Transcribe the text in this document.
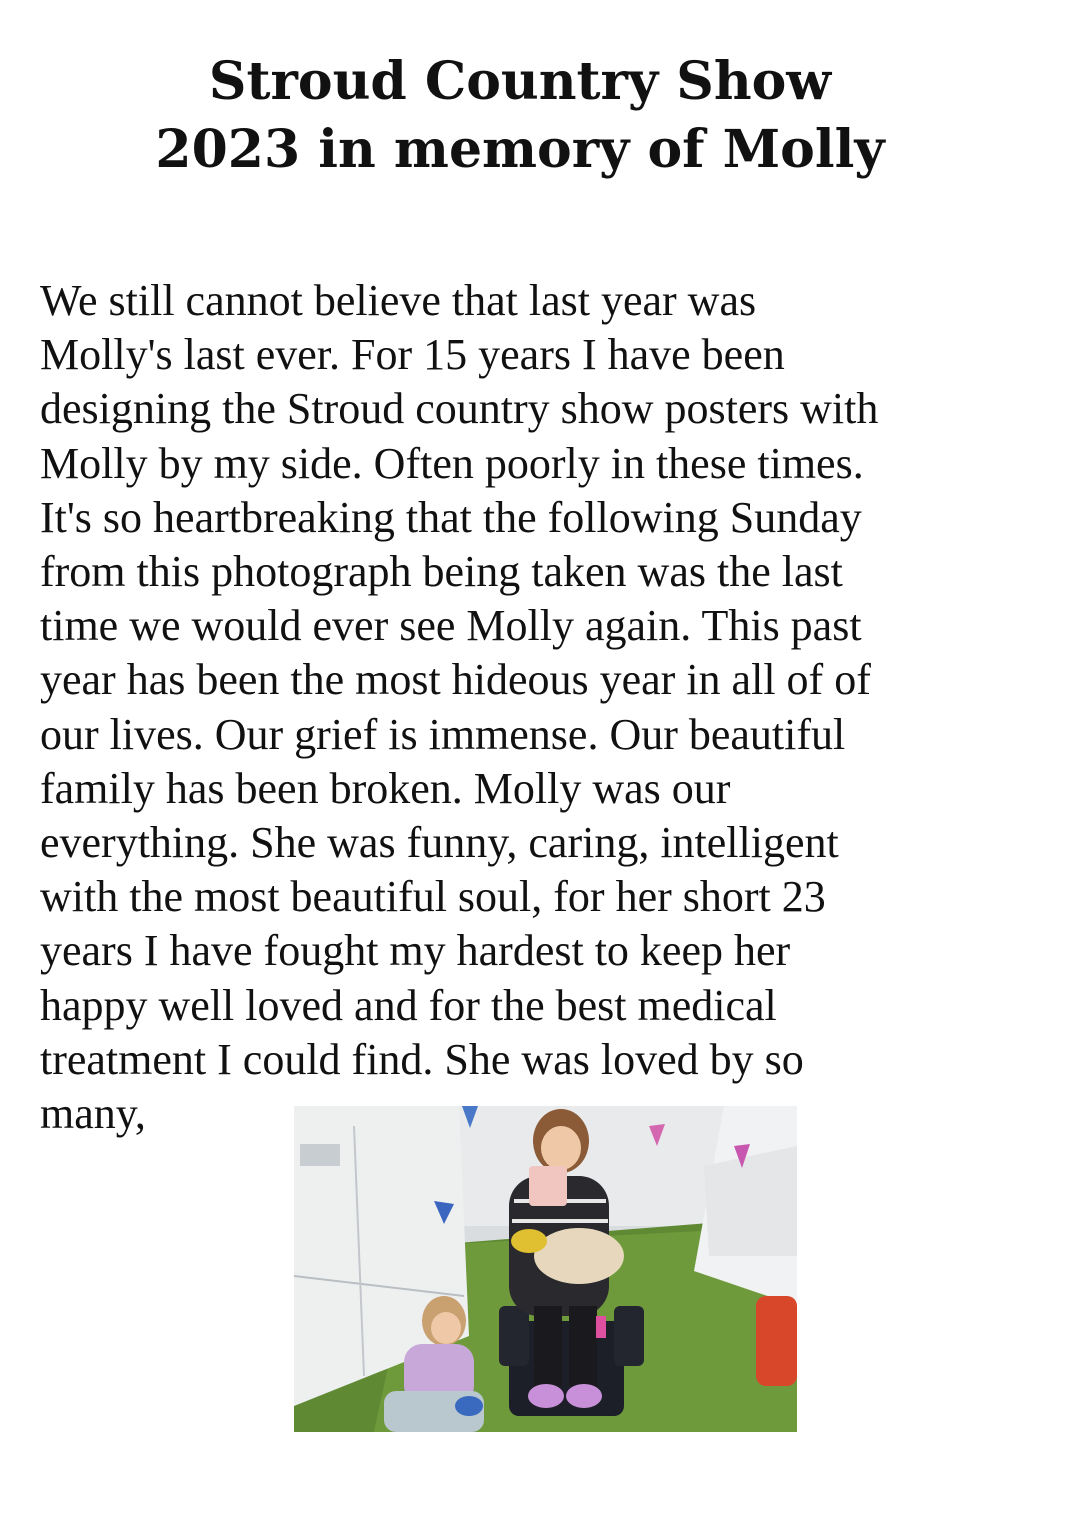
Stroud Country Show
2023 in memory of Molly
We still cannot believe that last year was
Molly's last ever. For 15 years I have been
designing the Stroud country show posters with
Molly by my side. Often poorly in these times.
It's so heartbreaking that the following Sunday
from this photograph being taken was the last
time we would ever see Molly again. This past
year has been the most hideous year in all of of
our lives. Our grief is immense. Our beautiful
family has been broken. Molly was our
everything. She was funny, caring, intelligent
with the most beautiful soul, for her short 23
years I have fought my hardest to keep her
happy well loved and for the best medical
treatment I could find. She was loved by so
many,
